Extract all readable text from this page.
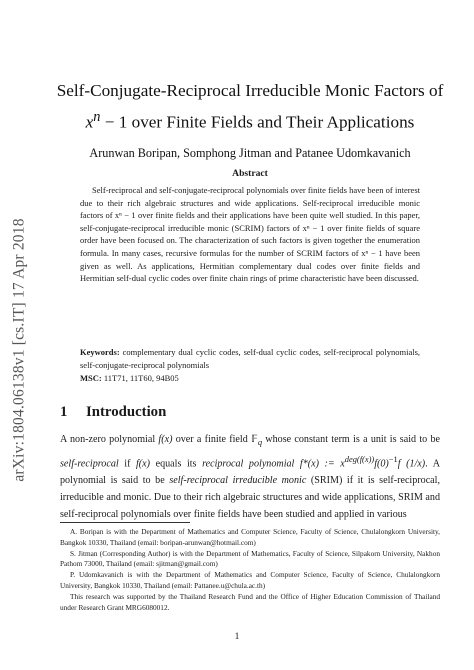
arXiv:1804.06138v1 [cs.IT] 17 Apr 2018
Self-Conjugate-Reciprocal Irreducible Monic Factors of
$x^n - 1$ over Finite Fields and Their Applications
Arunwan Boripan, Somphong Jitman and Patanee Udomkavanich
Abstract

Self-reciprocal and self-conjugate-reciprocal polynomials over finite fields have been of interest due to their rich algebraic structures and wide applications. Self-reciprocal irreducible monic factors of xⁿ − 1 over finite fields and their applications have been quite well studied. In this paper, self-conjugate-reciprocal irreducible monic (SCRIM) factors of xⁿ − 1 over finite fields of square order have been focused on. The characterization of such factors is given together the enumeration formula. In many cases, recursive formulas for the number of SCRIM factors of xⁿ − 1 have been given as well. As applications, Hermitian complementary dual codes over finite fields and Hermitian self-dual cyclic codes over finite chain rings of prime characteristic have been discussed.

Keywords: complementary dual cyclic codes, self-dual cyclic codes, self-reciprocal polynomials, self-conjugate-reciprocal polynomials
MSC: 11T71, 11T60, 94B05
1 Introduction

A non-zero polynomial f(x) over a finite field 𝔽$_q$ whose constant term is a unit is said to be self-reciprocal if f(x) equals its reciprocal polynomial f*(x) := $x^{deg(f(x))}f(0)^{-1}f$ (1/x). A polynomial is said to be self-reciprocal irreducible monic (SRIM) if it is self-reciprocal, irreducible and monic. Due to their rich algebraic structures and wide applications, SRIM and self-reciprocal polynomials over finite fields have been studied and applied in various

A. Boripan is with the Department of Mathematics and Computer Science, Faculty of Science, Chulalongkorn University, Bangkok 10330, Thailand (email: boripan-arunwan@hotmail.com)

S. Jitman (Corresponding Author) is with the Department of Mathematics, Faculty of Science, Silpakorn University, Nakhon Pathom 73000, Thailand (email: sjitman@gmail.com)

P. Udomkavanich is with the Department of Mathematics and Computer Science, Faculty of Science, Chulalongkorn University, Bangkok 10330, Thailand (email: Pattanee.u@chula.ac.th)

This research was supported by the Thailand Research Fund and the Office of Higher Education Commission of Thailand under Research Grant MRG6080012.

1
